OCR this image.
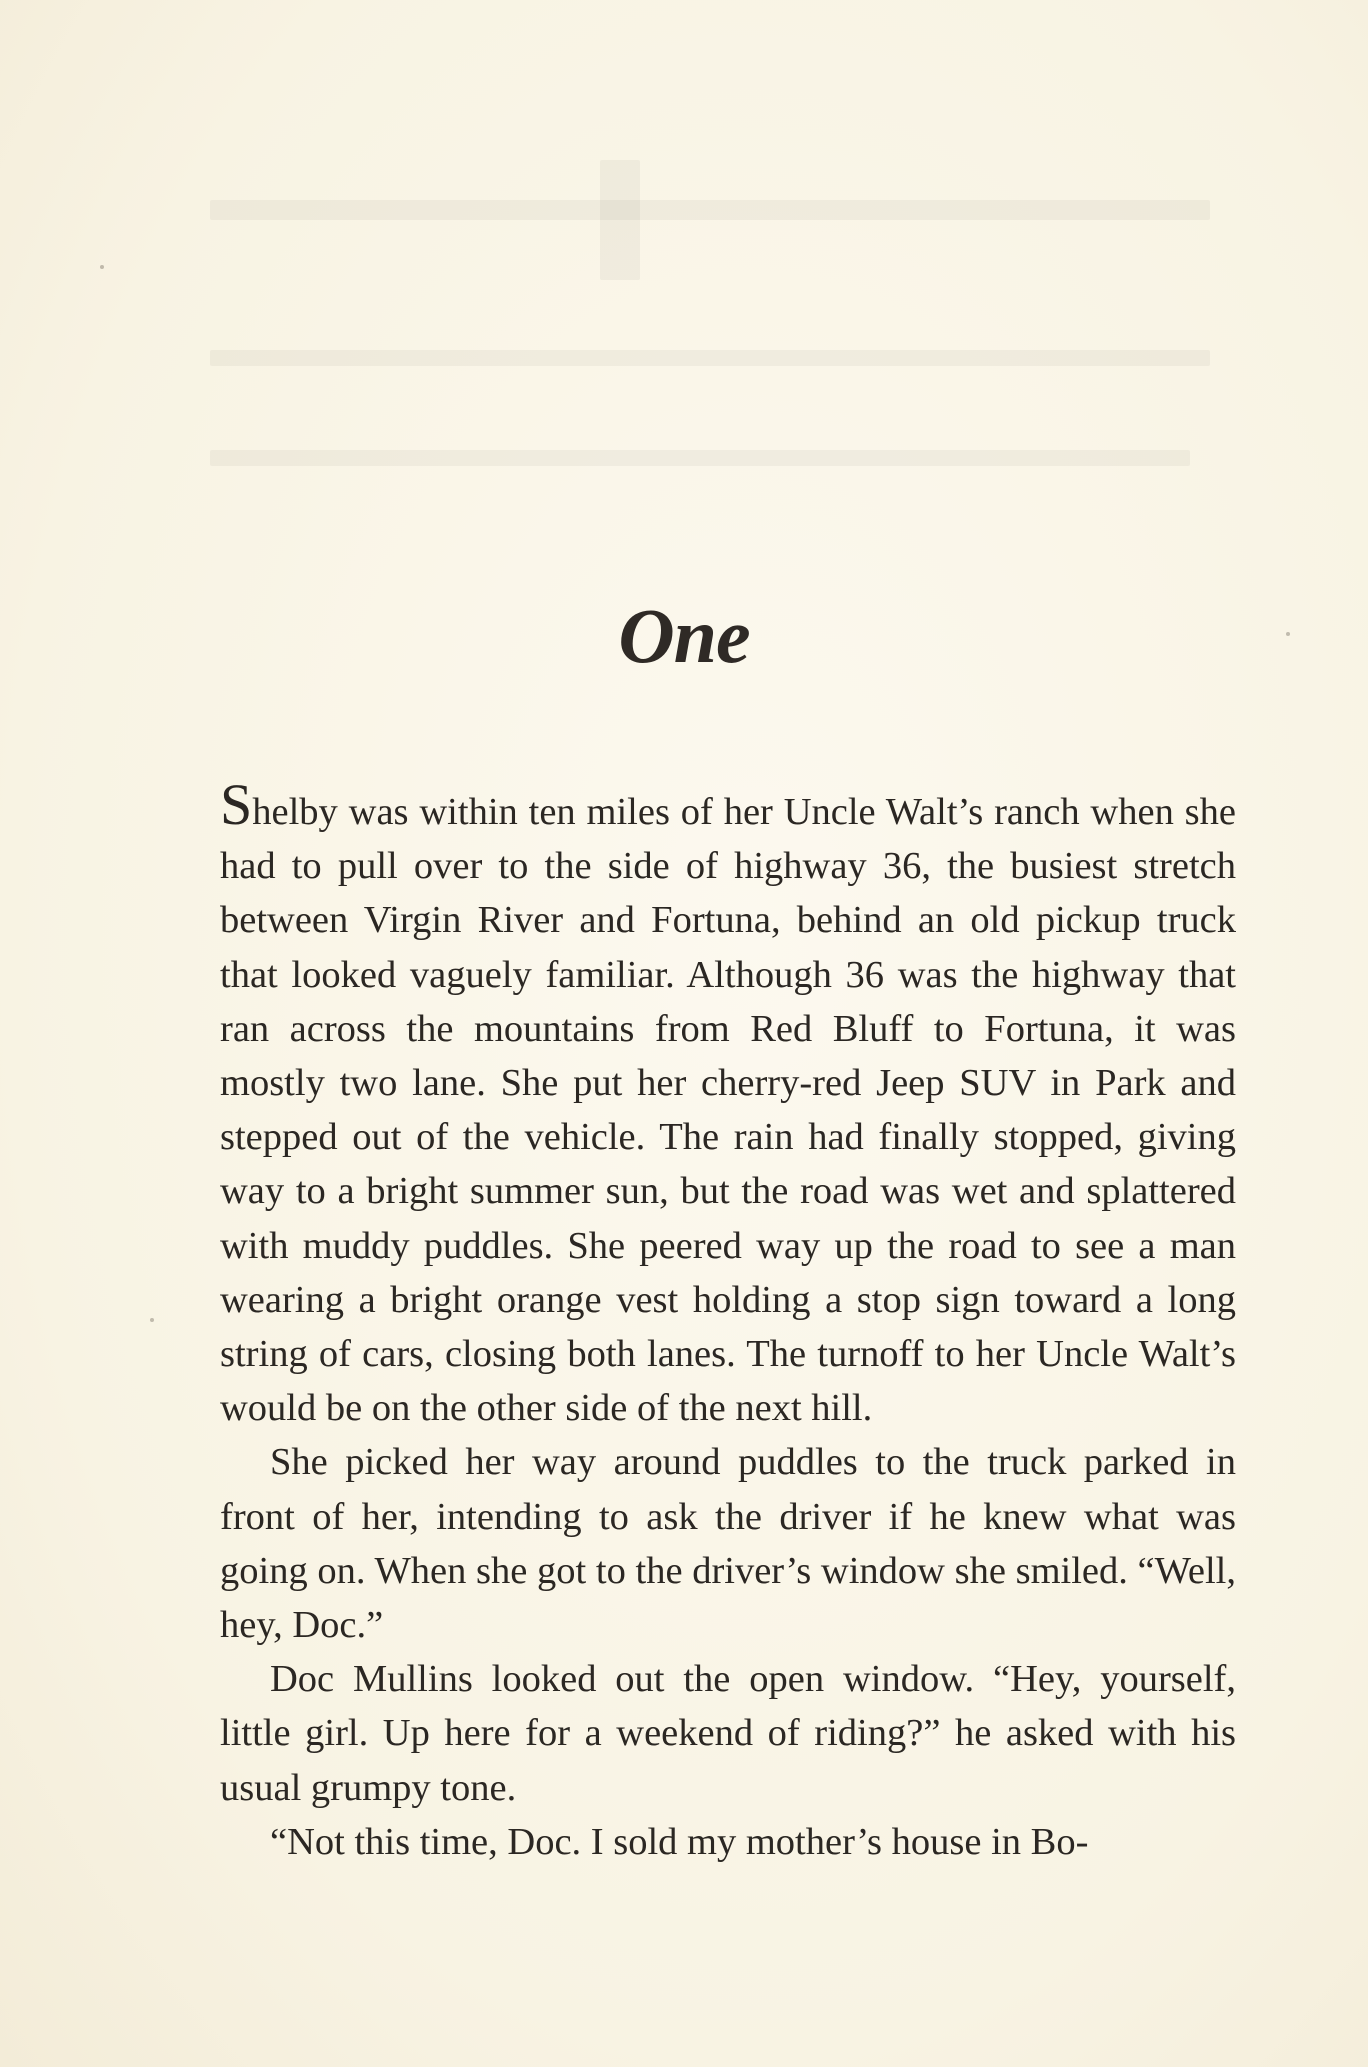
One

Shelby was within ten miles of her Uncle Walt’s ranch when she had to pull over to the side of highway 36, the busiest stretch between Virgin River and Fortuna, behind an old pickup truck that looked vaguely familiar. Although 36 was the highway that ran across the mountains from Red Bluff to Fortuna, it was mostly two lane. She put her cherry-red Jeep SUV in Park and stepped out of the vehicle. The rain had finally stopped, giving way to a bright summer sun, but the road was wet and splattered with muddy puddles. She peered way up the road to see a man wearing a bright orange vest holding a stop sign toward a long string of cars, closing both lanes. The turnoff to her Uncle Walt’s would be on the other side of the next hill.

She picked her way around puddles to the truck parked in front of her, intending to ask the driver if he knew what was going on. When she got to the driver’s window she smiled. “Well, hey, Doc.”

Doc Mullins looked out the open window. “Hey, yourself, little girl. Up here for a weekend of riding?” he asked with his usual grumpy tone.

“Not this time, Doc. I sold my mother’s house in Bo-
